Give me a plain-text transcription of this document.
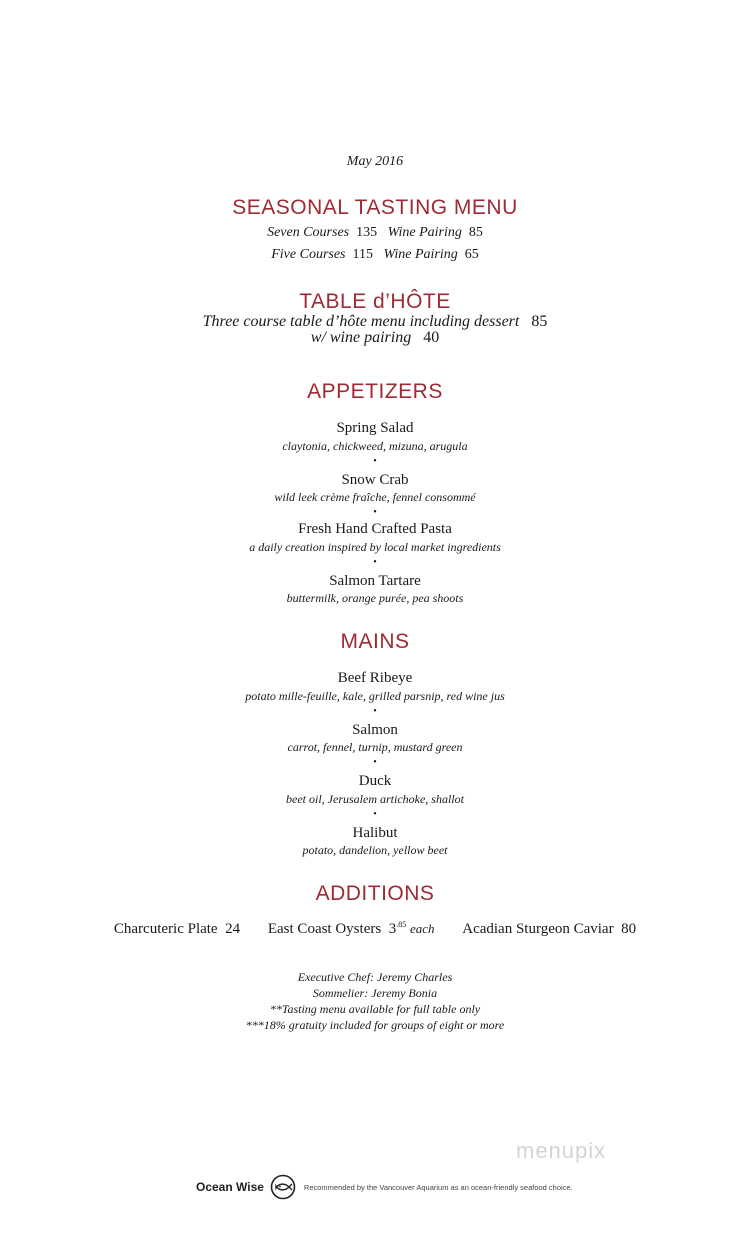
May 2016
SEASONAL TASTING MENU
Seven Courses 135 Wine Pairing 85
Five Courses 115 Wine Pairing 65
TABLE d’HÔTE
Three course table d’hôte menu including dessert 85
w/ wine pairing 40
APPETIZERS
Spring Salad
claytonia, chickweed, mizuna, arugula
•
Snow Crab
wild leek crème fraîche, fennel consommé
•
Fresh Hand Crafted Pasta
a daily creation inspired by local market ingredients
•
Salmon Tartare
buttermilk, orange purée, pea shoots
MAINS
Beef Ribeye
potato mille-feuille, kale, grilled parsnip, red wine jus
•
Salmon
carrot, fennel, turnip, mustard green
•
Duck
beet oil, Jerusalem artichoke, shallot
•
Halibut
potato, dandelion, yellow beet
ADDITIONS
Charcuteric Plate 24 East Coast Oysters $3^{.85}$ each Acadian Sturgeon Caviar 80
Executive Chef: Jeremy Charles
Sommelier: Jeremy Bonia
**Tasting menu available for full table only
***18% gratuity included for groups of eight or more
menupix
Ocean Wise	Recommended by the Vancouver Aquarium as an ocean-friendly seafood choice.
